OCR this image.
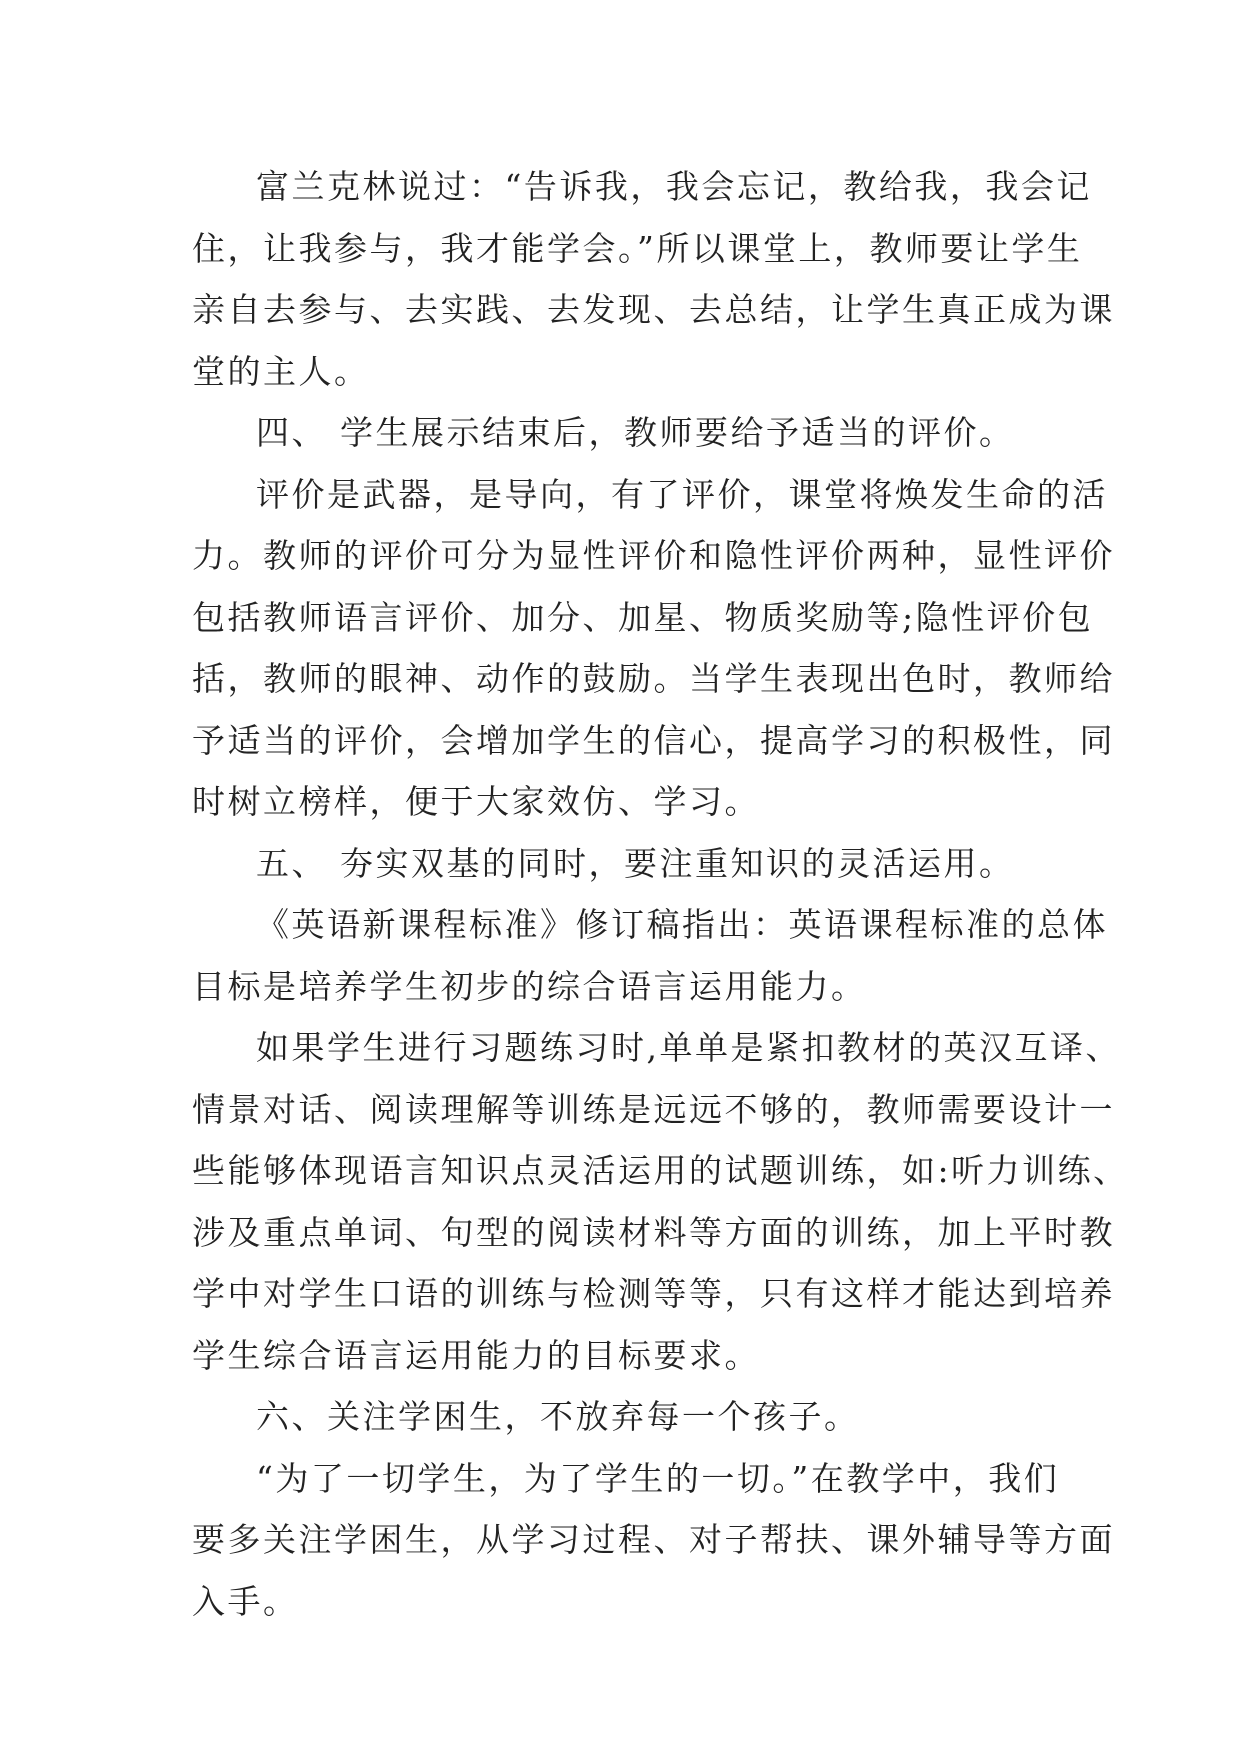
富兰克林说过：“告诉我，我会忘记，教给我，我会记
住，让我参与，我才能学会。”所以课堂上，教师要让学生
亲自去参与、去实践、去发现、去总结，让学生真正成为课
堂的主人。
四、 学生展示结束后，教师要给予适当的评价。
评价是武器，是导向，有了评价，课堂将焕发生命的活
力。教师的评价可分为显性评价和隐性评价两种，显性评价
包括教师语言评价、加分、加星、物质奖励等;隐性评价包
括，教师的眼神、动作的鼓励。当学生表现出色时，教师给
予适当的评价，会增加学生的信心，提高学习的积极性，同
时树立榜样，便于大家效仿、学习。
五、 夯实双基的同时，要注重知识的灵活运用。
《英语新课程标准》修订稿指出：英语课程标准的总体
目标是培养学生初步的综合语言运用能力。
如果学生进行习题练习时,单单是紧扣教材的英汉互译、
情景对话、阅读理解等训练是远远不够的，教师需要设计一
些能够体现语言知识点灵活运用的试题训练，如:听力训练、
涉及重点单词、句型的阅读材料等方面的训练，加上平时教
学中对学生口语的训练与检测等等，只有这样才能达到培养
学生综合语言运用能力的目标要求。
六、关注学困生，不放弃每一个孩子。
“为了一切学生，为了学生的一切。”在教学中，我们
要多关注学困生，从学习过程、对子帮扶、课外辅导等方面
入手。
